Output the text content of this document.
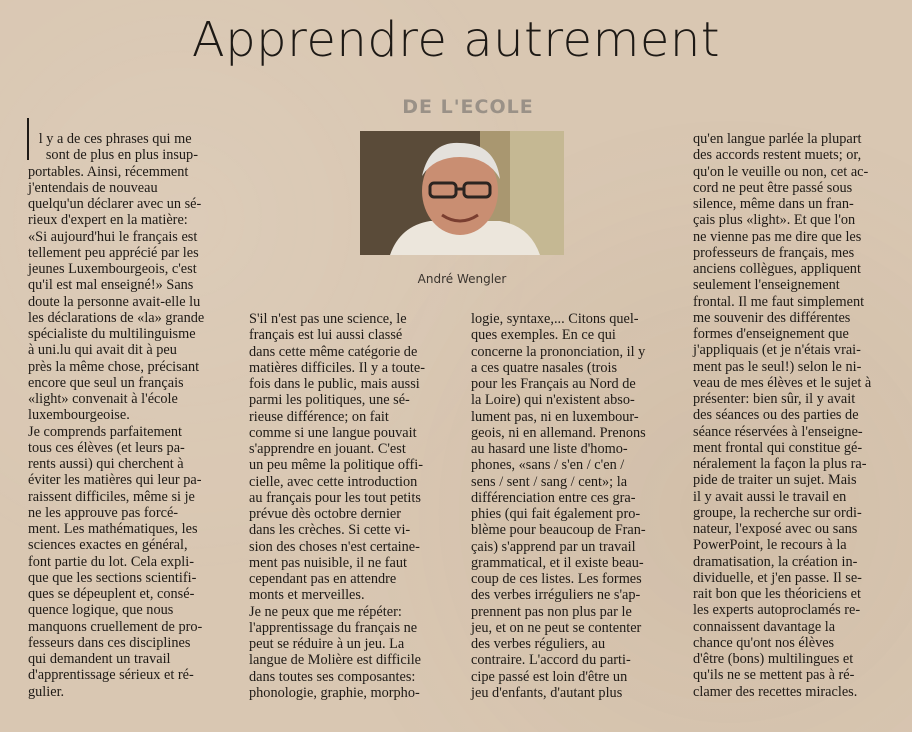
Apprendre autrement
DE L'ECOLE
André Wengler
l y a de ces phrases qui me
sont de plus en plus insup-
portables. Ainsi, récemment
j'entendais de nouveau
quelqu'un déclarer avec un sé-
rieux d'expert en la matière:
«Si aujourd'hui le français est
tellement peu apprécié par les
jeunes Luxembourgeois, c'est
qu'il est mal enseigné!» Sans
doute la personne avait-elle lu
les déclarations de «la» grande
spécialiste du multilinguisme
à uni.lu qui avait dit à peu
près la même chose, précisant
encore que seul un français
«light» convenait à l'école
luxembourgeoise.
Je comprends parfaitement
tous ces élèves (et leurs pa-
rents aussi) qui cherchent à
éviter les matières qui leur pa-
raissent difficiles, même si je
ne les approuve pas forcé-
ment. Les mathématiques, les
sciences exactes en général,
font partie du lot. Cela expli-
que que les sections scientifi-
ques se dépeuplent et, consé-
quence logique, que nous
manquons cruellement de pro-
fesseurs dans ces disciplines
qui demandent un travail
d'apprentissage sérieux et ré-
gulier.
S'il n'est pas une science, le
français est lui aussi classé
dans cette même catégorie de
matières difficiles. Il y a toute-
fois dans le public, mais aussi
parmi les politiques, une sé-
rieuse différence; on fait
comme si une langue pouvait
s'apprendre en jouant. C'est
un peu même la politique offi-
cielle, avec cette introduction
au français pour les tout petits
prévue dès octobre dernier
dans les crèches. Si cette vi-
sion des choses n'est certaine-
ment pas nuisible, il ne faut
cependant pas en attendre
monts et merveilles.
Je ne peux que me répéter:
l'apprentissage du français ne
peut se réduire à un jeu. La
langue de Molière est difficile
dans toutes ses composantes:
phonologie, graphie, morpho-
logie, syntaxe,... Citons quel-
ques exemples. En ce qui
concerne la prononciation, il y
a ces quatre nasales (trois
pour les Français au Nord de
la Loire) qui n'existent abso-
lument pas, ni en luxembour-
geois, ni en allemand. Prenons
au hasard une liste d'homo-
phones, «sans / s'en / c'en /
sens / sent / sang / cent»; la
différenciation entre ces gra-
phies (qui fait également pro-
blème pour beaucoup de Fran-
çais) s'apprend par un travail
grammatical, et il existe beau-
coup de ces listes. Les formes
des verbes irréguliers ne s'ap-
prennent pas non plus par le
jeu, et on ne peut se contenter
des verbes réguliers, au
contraire. L'accord du parti-
cipe passé est loin d'être un
jeu d'enfants, d'autant plus
qu'en langue parlée la plupart
des accords restent muets; or,
qu'on le veuille ou non, cet ac-
cord ne peut être passé sous
silence, même dans un fran-
çais plus «light». Et que l'on
ne vienne pas me dire que les
professeurs de français, mes
anciens collègues, appliquent
seulement l'enseignement
frontal. Il me faut simplement
me souvenir des différentes
formes d'enseignement que
j'appliquais (et je n'étais vrai-
ment pas le seul!) selon le ni-
veau de mes élèves et le sujet à
présenter: bien sûr, il y avait
des séances ou des parties de
séance réservées à l'enseigne-
ment frontal qui constitue gé-
néralement la façon la plus ra-
pide de traiter un sujet. Mais
il y avait aussi le travail en
groupe, la recherche sur ordi-
nateur, l'exposé avec ou sans
PowerPoint, le recours à la
dramatisation, la création in-
dividuelle, et j'en passe. Il se-
rait bon que les théoriciens et
les experts autoproclamés re-
connaissent davantage la
chance qu'ont nos élèves
d'être (bons) multilingues et
qu'ils ne se mettent pas à ré-
clamer des recettes miracles.
